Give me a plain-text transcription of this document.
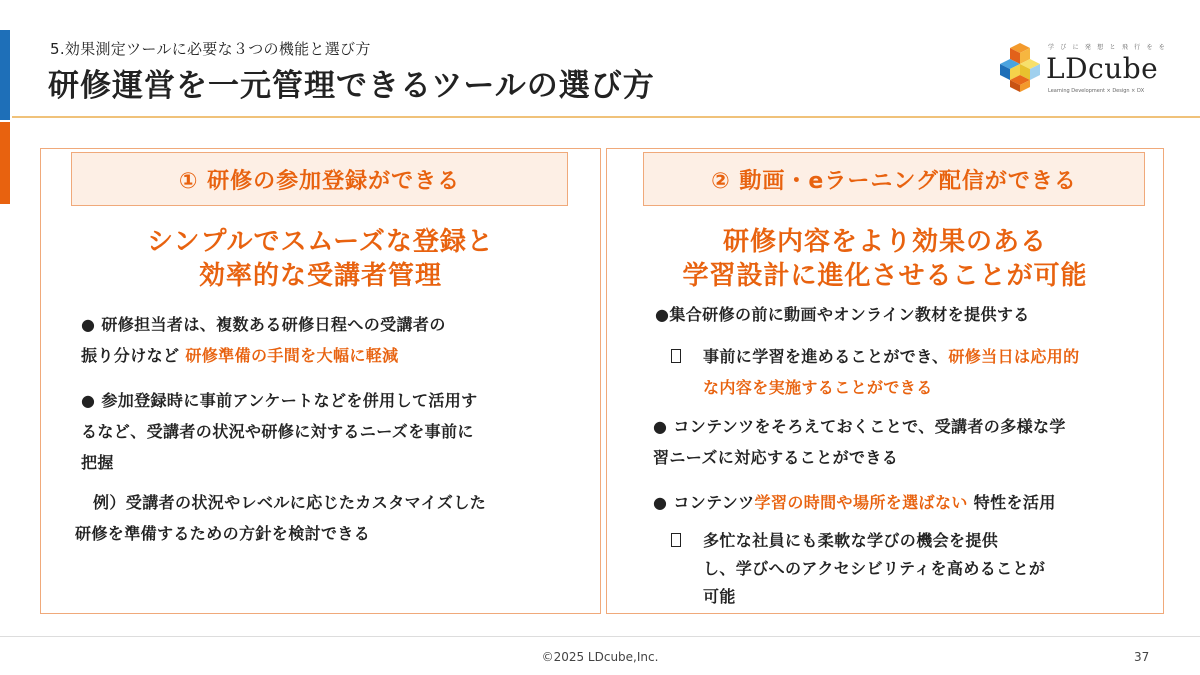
5.効果測定ツールに必要な３つの機能と選び方
研修運営を一元管理できるツールの選び方
学 び に 発 想 と 飛 行 を を
LDcube
Learning Development × Design × DX
① 研修の参加登録ができる
シンプルでスムーズな登録と
効率的な受講者管理
● 研修担当者は、複数ある研修日程への受講者の
振り分けなど 研修準備の手間を大幅に軽減
● 参加登録時に事前アンケートなどを併用して活用す
るなど、受講者の状況や研修に対するニーズを事前に
把握
例）受講者の状況やレベルに応じたカスタマイズした
研修を準備するための方針を検討できる
② 動画・eラーニング配信ができる
研修内容をより効果のある
学習設計に進化させることが可能
●集合研修の前に動画やオンライン教材を提供する
事前に学習を進めることができ、研修当日は応用的
な内容を実施することができる
● コンテンツをそろえておくことで、受講者の多様な学
習ニーズに対応することができる
● コンテンツ学習の時間や場所を選ばない 特性を活用
多忙な社員にも柔軟な学びの機会を提供
し、学びへのアクセシビリティを高めることが
可能
©2025 LDcube,Inc.	37
